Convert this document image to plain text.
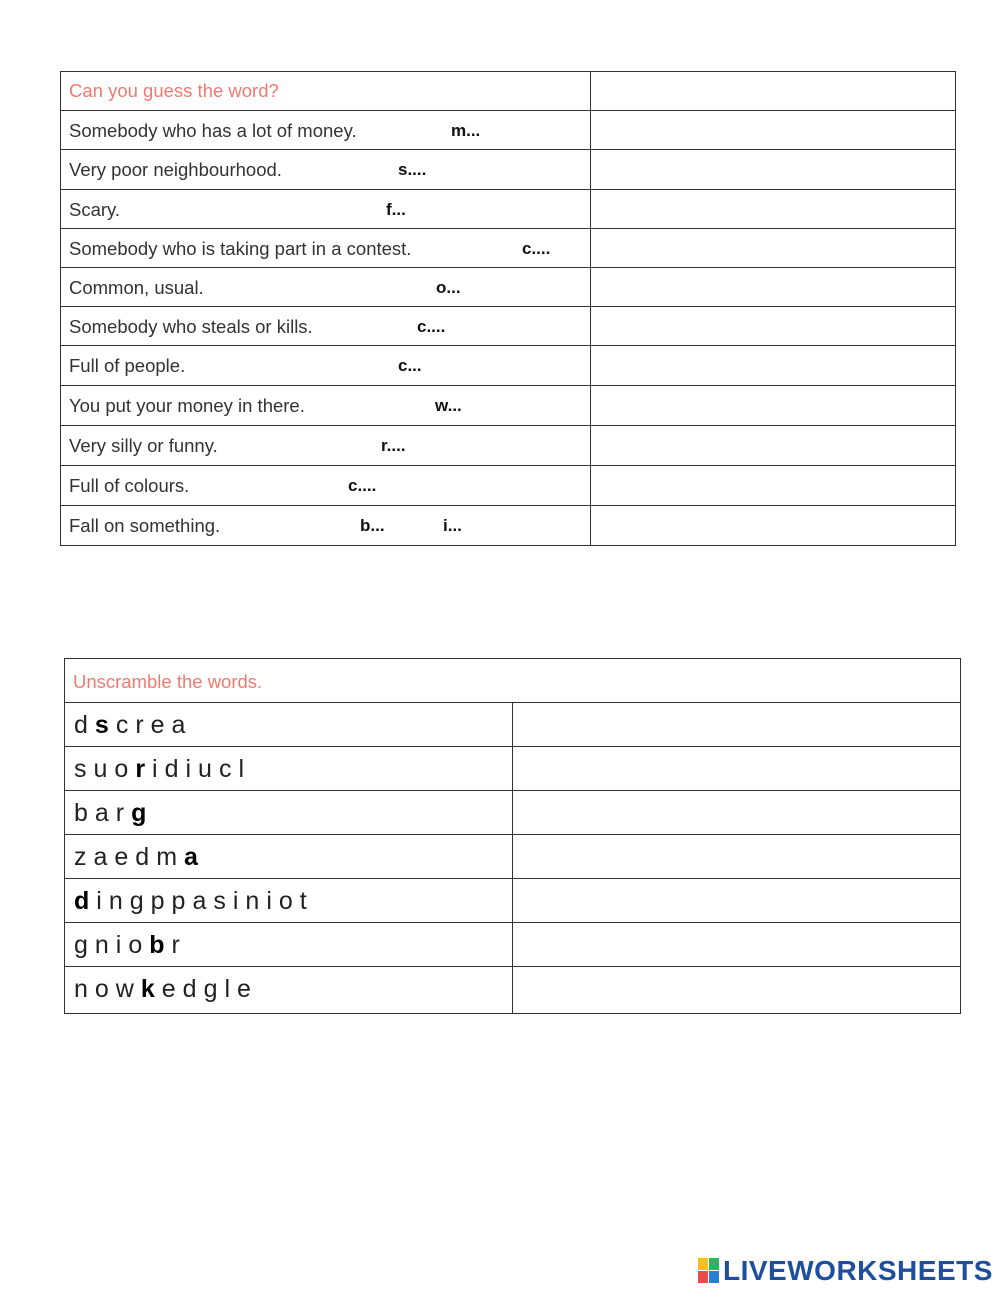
Can you guess the word?	

Somebody who has a lot of money. m...	

Very poor neighbourhood. s....	

Scary. f...	

Somebody who is taking part in a contest. c....	

Common, usual. o...	

Somebody who steals or kills. c....	

Full of people. c...	

You put your money in there. w...	

Very silly or funny. r....	

Full of colours. c....	

Fall on something. b... i...	

Unscramble the words.	

dscrea	

suoridiucl	

barg	

zaedma	

dingppasiniot	

gniobr	

nowkedgle	

LIVEWORKSHEETS
